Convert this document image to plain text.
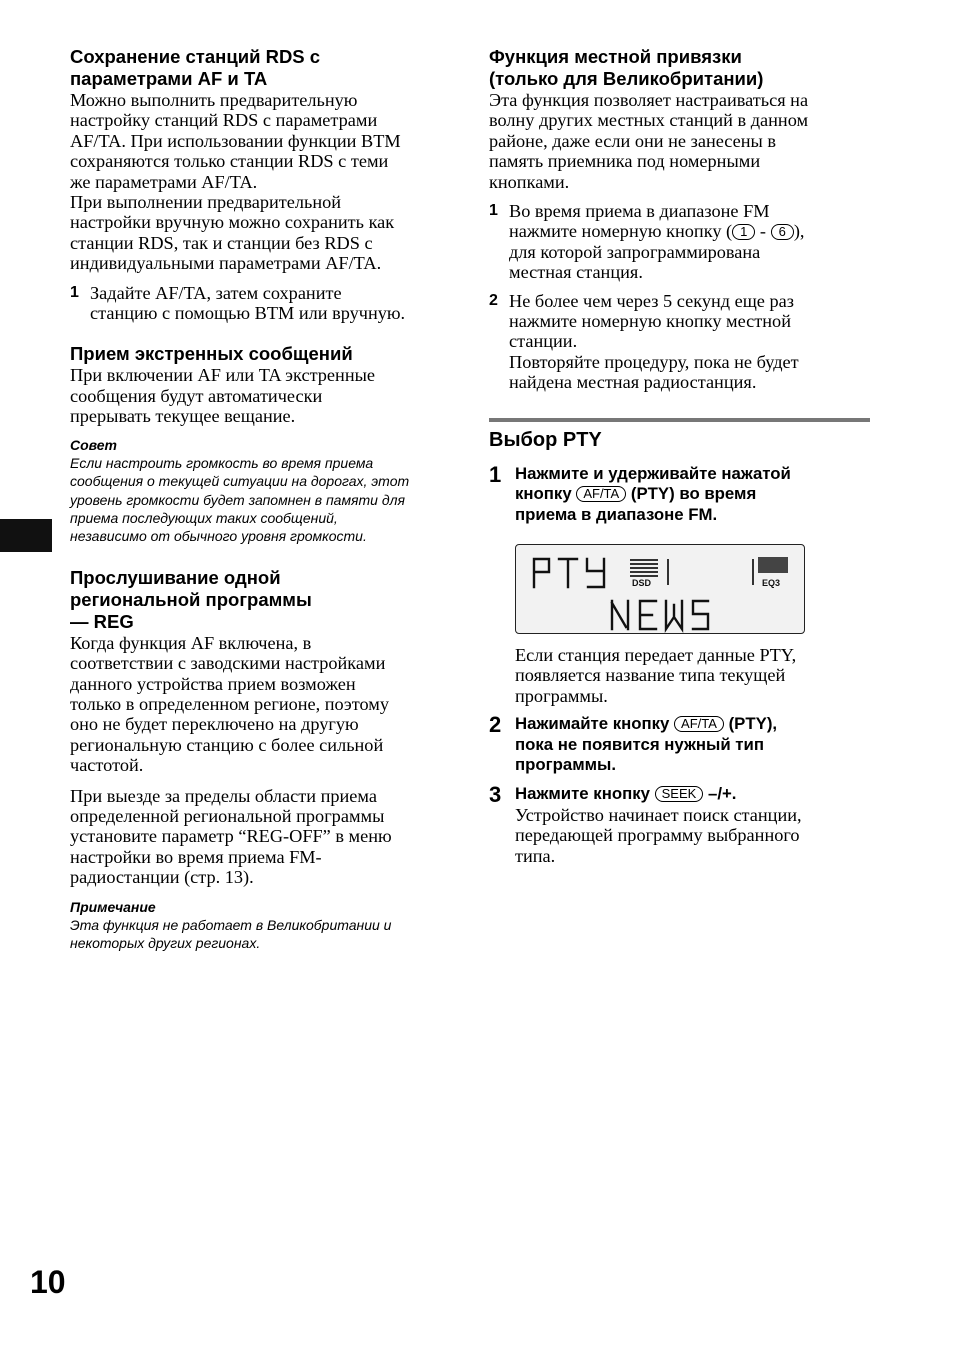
Сохранение станций RDS с
параметрами AF и TA

Можно выполнить предварительную
настройку станций RDS с параметрами
AF/TA. При использовании функции BTM
сохраняются только станции RDS с теми
же параметрами AF/TA.
При выполнении предварительной
настройки вручную можно сохранить как
станции RDS, так и станции без RDS с
индивидуальными параметрами AF/TA.

1 Задайте AF/TA, затем сохраните
станцию с помощью BTM или вручную.

Прием экстренных сообщений

При включении AF или TA экстренные
сообщения будут автоматически
прерывать текущее вещание.

Совет

Если настроить громкость во время приема
сообщения о текущей ситуации на дорогах, этот
уровень громкости будет запомнен в памяти для
приема последующих таких сообщений,
независимо от обычного уровня громкости.

Прослушивание одной
региональной программы
— REG

Когда функция AF включена, в
соответствии с заводскими настройками
данного устройства прием возможен
только в определенном регионе, поэтому
оно не будет переключено на другую
региональную станцию с более сильной
частотой.

При выезде за пределы области приема
определенной региональной программы
установите параметр “REG-OFF” в меню
настройки во время приема FM-
радиостанции (стр. 13).

Примечание

Эта функция не работает в Великобритании и
некоторых других регионах.

Функция местной привязки
(только для Великобритании)

Эта функция позволяет настраиваться на
волну других местных станций в данном
районе, даже если они не занесены в
память приемника под номерными
кнопками.

1 Во время приема в диапазоне FM
нажмите номерную кнопку ( 1 - 6 ),
для которой запрограммирована
местная станция.

2 Не более чем через 5 секунд еще раз
нажмите номерную кнопку местной
станции.
Повторяйте процедуру, пока не будет
найдена местная радиостанция.

Выбор PTY

1 Нажмите и удерживайте нажатой
кнопку AF/TA (PTY) во время
приема в диапазоне FM.

DSD	EQ3

Если станция передает данные PTY,
появляется название типа текущей
программы.

2 Нажимайте кнопку AF/TA (PTY),
пока не появится нужный тип
программы.

3 Нажмите кнопку SEEK –/+.

Устройство начинает поиск станции,
передающей программу выбранного
типа.

10
